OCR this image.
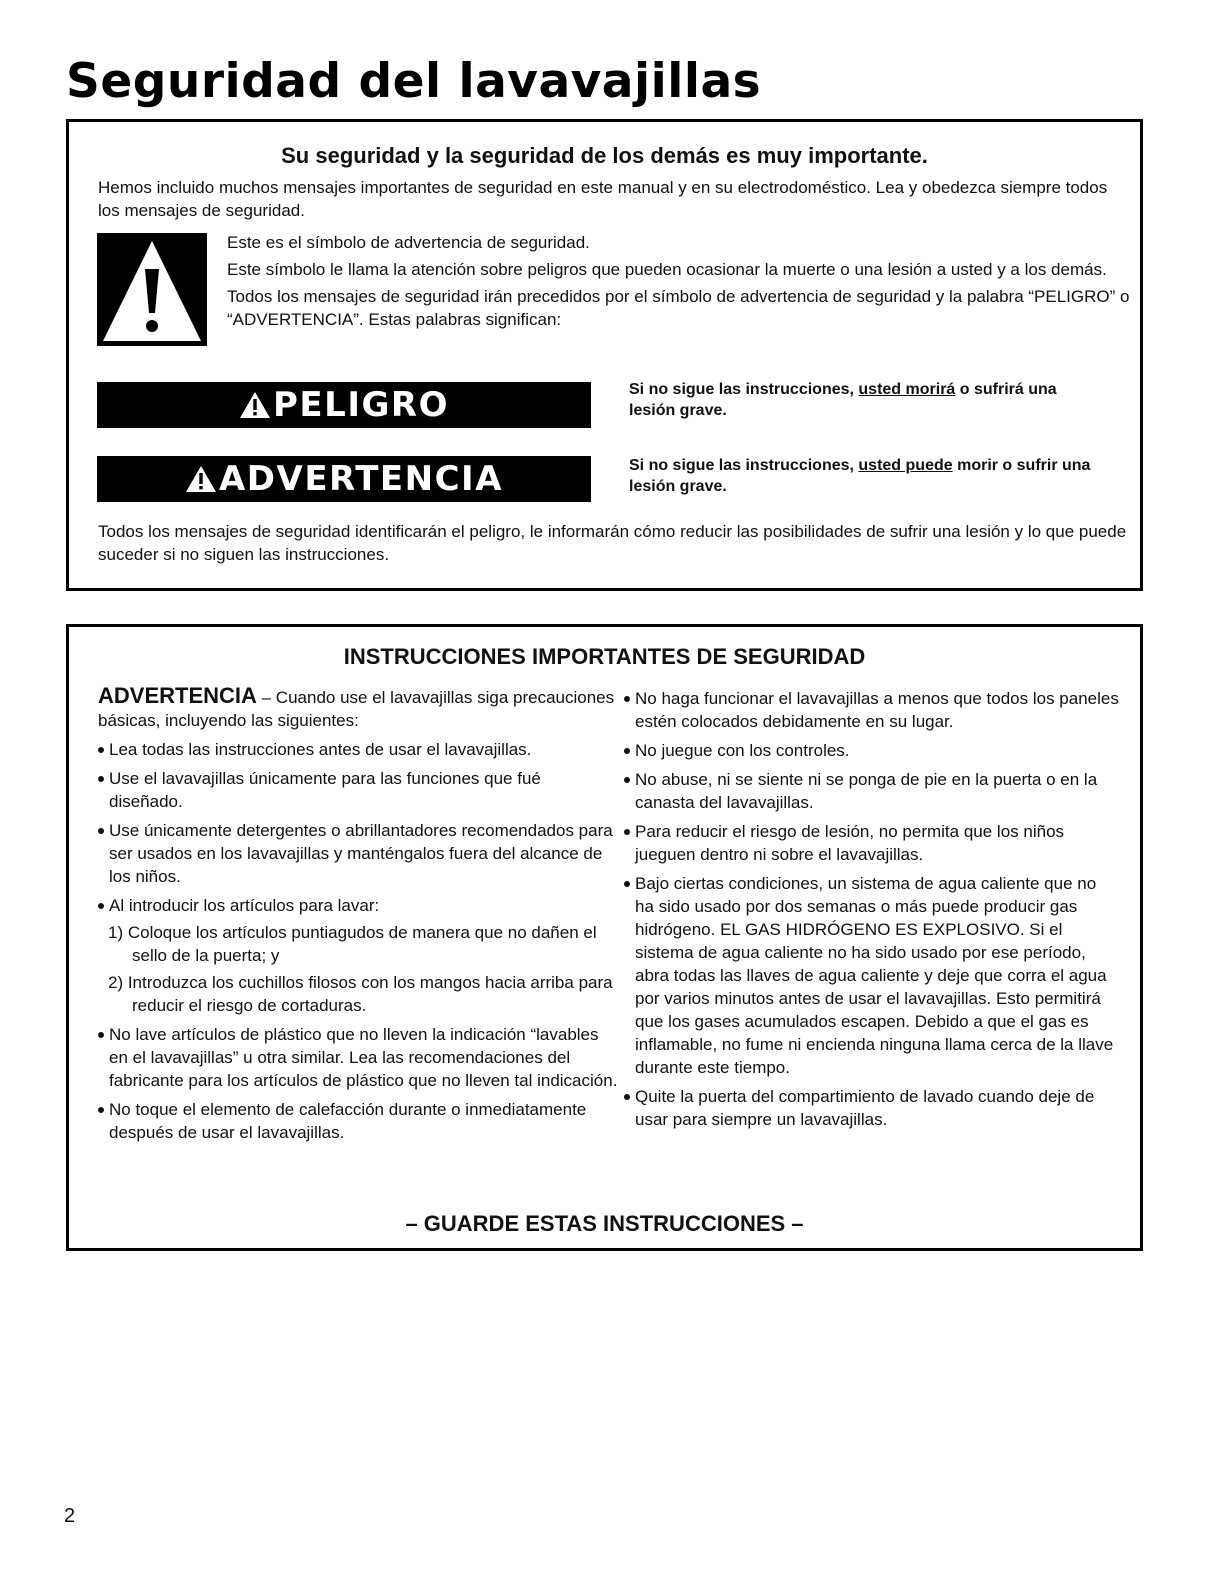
Seguridad del lavavajillas
Su seguridad y la seguridad de los demás es muy importante.

Hemos incluido muchos mensajes importantes de seguridad en este manual y en su electrodoméstico. Lea y obedezca siempre todos los mensajes de seguridad.

Este es el símbolo de advertencia de seguridad.

Este símbolo le llama la atención sobre peligros que pueden ocasionar la muerte o una lesión a usted y a los demás.

Todos los mensajes de seguridad irán precedidos por el símbolo de advertencia de seguridad y la palabra “PELIGRO” o “ADVERTENCIA”. Estas palabras significan:

PELIGRO	Si no sigue las instrucciones, usted morirá o sufrirá una lesión grave.

ADVERTENCIA	Si no sigue las instrucciones, usted puede morir o sufrir una lesión grave.

Todos los mensajes de seguridad identificarán el peligro, le informarán cómo reducir las posibilidades de sufrir una lesión y lo que puede suceder si no siguen las instrucciones.

INSTRUCCIONES IMPORTANTES DE SEGURIDAD

ADVERTENCIA – Cuando use el lavavajillas siga precauciones básicas, incluyendo las siguientes:

Lea todas las instrucciones antes de usar el lavavajillas.
Use el lavavajillas únicamente para las funciones que fué diseñado.
Use únicamente detergentes o abrillantadores recomendados para ser usados en los lavavajillas y manténgalos fuera del alcance de los niños.
Al introducir los artículos para lavar:
1) Coloque los artículos puntiagudos de manera que no dañen el sello de la puerta; y
2) Introduzca los cuchillos filosos con los mangos hacia arriba para reducir el riesgo de cortaduras.
No lave artículos de plástico que no lleven la indicación “lavables en el lavavajillas” u otra similar. Lea las recomendaciones del fabricante para los artículos de plástico que no lleven tal indicación.
No toque el elemento de calefacción durante o inmediatamente después de usar el lavavajillas.
No haga funcionar el lavavajillas a menos que todos los paneles estén colocados debidamente en su lugar.
No juegue con los controles.
No abuse, ni se siente ni se ponga de pie en la puerta o en la canasta del lavavajillas.
Para reducir el riesgo de lesión, no permita que los niños jueguen dentro ni sobre el lavavajillas.
Bajo ciertas condiciones, un sistema de agua caliente que no ha sido usado por dos semanas o más puede producir gas hidrógeno. EL GAS HIDRÓGENO ES EXPLOSIVO. Si el sistema de agua caliente no ha sido usado por ese período, abra todas las llaves de agua caliente y deje que corra el agua por varios minutos antes de usar el lavavajillas. Esto permitirá que los gases acumulados escapen. Debido a que el gas es inflamable, no fume ni encienda ninguna llama cerca de la llave durante este tiempo.
Quite la puerta del compartimiento de lavado cuando deje de usar para siempre un lavavajillas.

– GUARDE ESTAS INSTRUCCIONES –

2
